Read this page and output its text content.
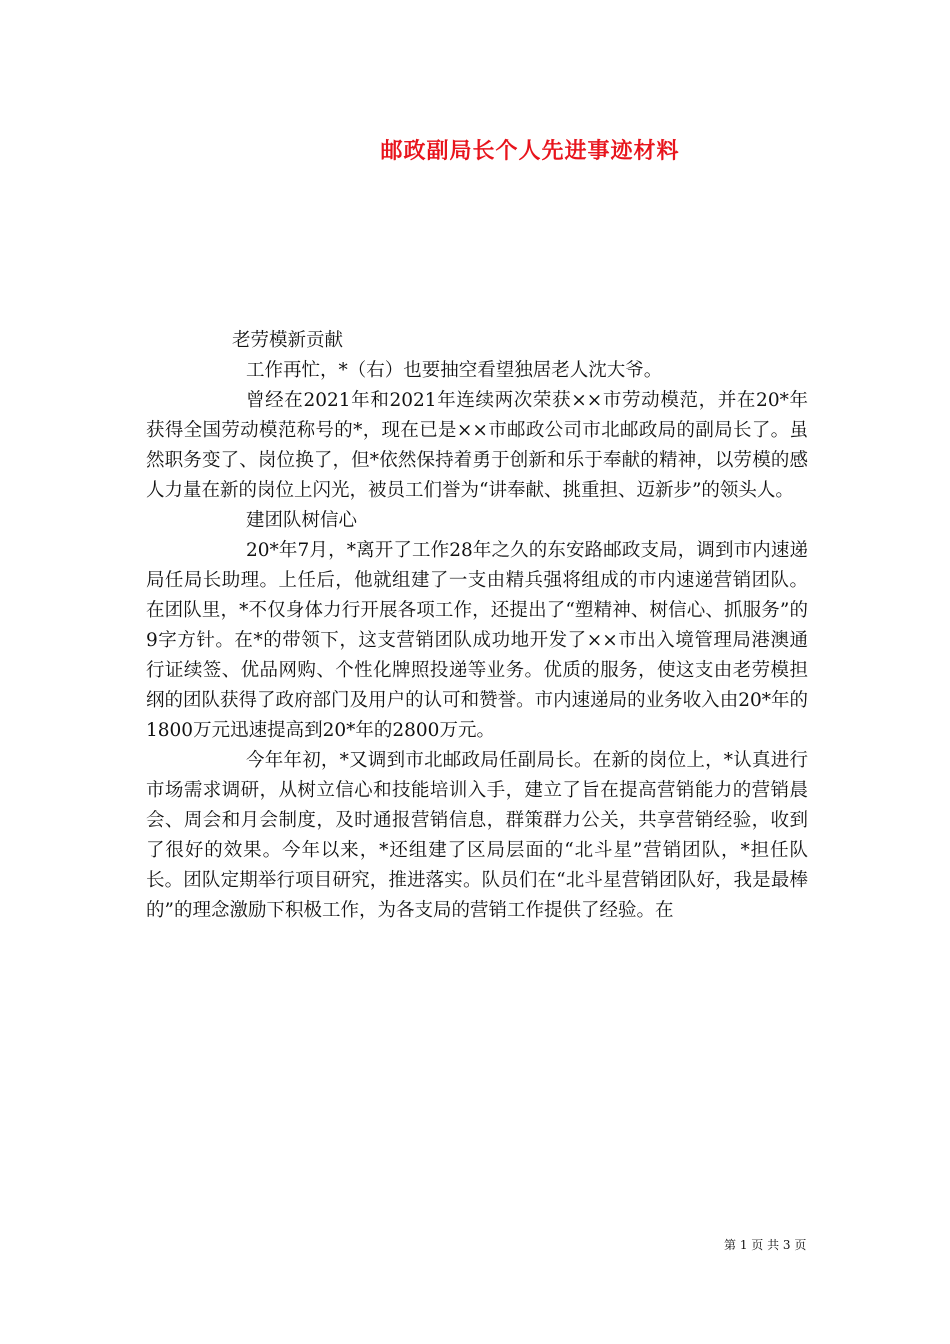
邮政副局长个人先进事迹材料

老劳模新贡献

工作再忙，*（右）也要抽空看望独居老人沈大爷。

曾经在2021年和2021年连续两次荣获××市劳动模范，并在20*年获得全国劳动模范称号的*，现在已是××市邮政公司市北邮政局的副局长了。虽然职务变了、岗位换了，但*依然保持着勇于创新和乐于奉献的精神，以劳模的感人力量在新的岗位上闪光，被员工们誉为“讲奉献、挑重担、迈新步”的领头人。

建团队树信心

20*年7月，*离开了工作28年之久的东安路邮政支局，调到市内速递局任局长助理。上任后，他就组建了一支由精兵强将组成的市内速递营销团队。在团队里，*不仅身体力行开展各项工作，还提出了“塑精神、树信心、抓服务”的9字方针。在*的带领下，这支营销团队成功地开发了××市出入境管理局港澳通行证续签、优品网购、个性化牌照投递等业务。优质的服务，使这支由老劳模担纲的团队获得了政府部门及用户的认可和赞誉。市内速递局的业务收入由20*年的1800万元迅速提高到20*年的2800万元。

今年年初，*又调到市北邮政局任副局长。在新的岗位上，*认真进行市场需求调研，从树立信心和技能培训入手，建立了旨在提高营销能力的营销晨会、周会和月会制度，及时通报营销信息，群策群力公关，共享营销经验，收到了很好的效果。今年以来，*还组建了区局层面的“北斗星”营销团队，*担任队长。团队定期举行项目研究，推进落实。队员们在“北斗星营销团队好，我是最棒的”的理念激励下积极工作，为各支局的营销工作提供了经验。在

第 1 页 共 3 页
